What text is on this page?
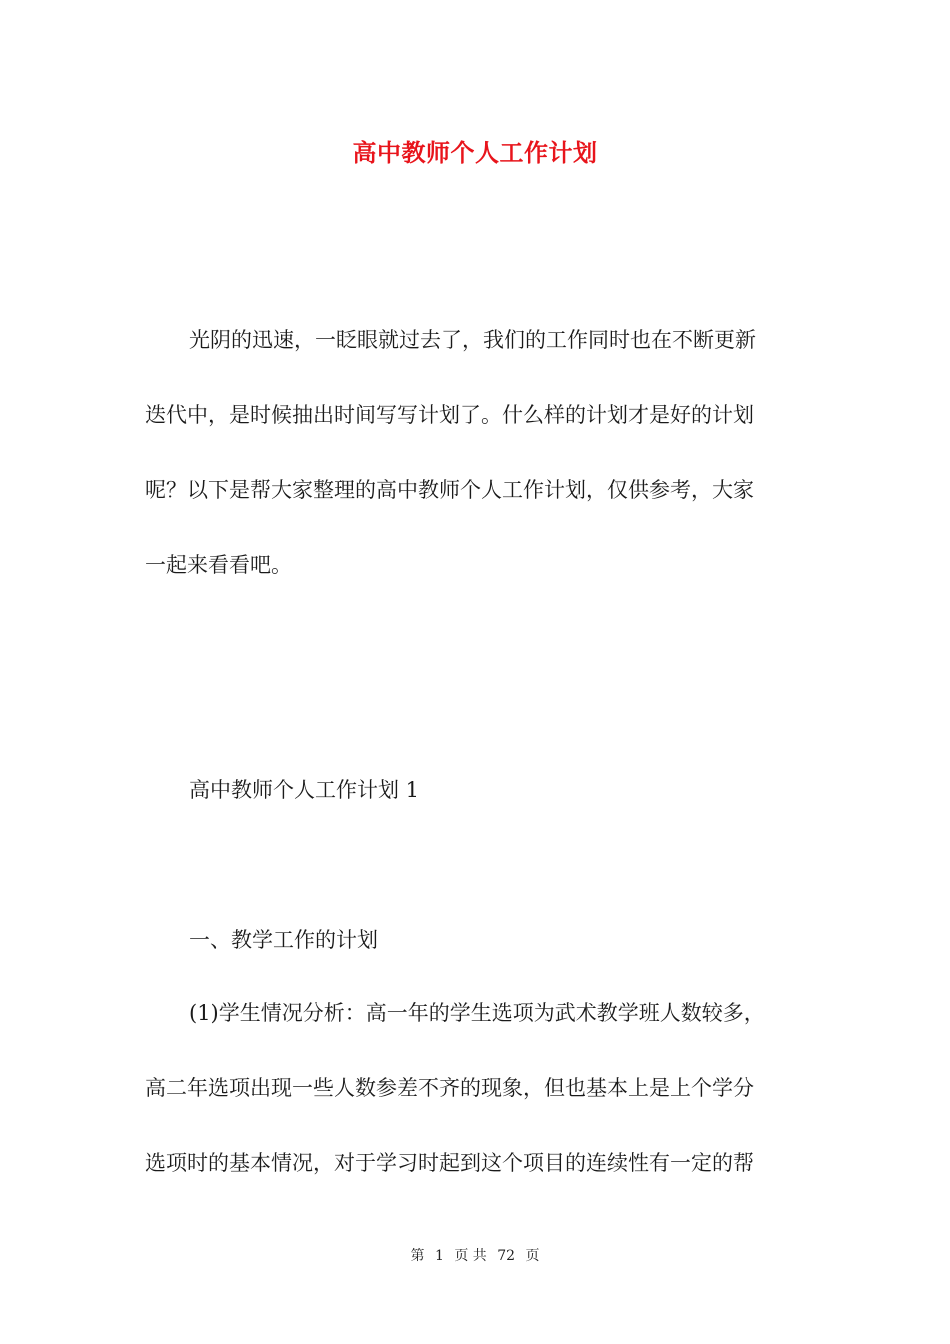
高中教师个人工作计划
光阴的迅速，一眨眼就过去了，我们的工作同时也在不断更新
迭代中，是时候抽出时间写写计划了。什么样的计划才是好的计划
呢？以下是帮大家整理的高中教师个人工作计划，仅供参考，大家
一起来看看吧。
高中教师个人工作计划 1
一、教学工作的计划
(1)学生情况分析：高一年的学生选项为武术教学班人数较多，
高二年选项出现一些人数参差不齐的现象，但也基本上是上个学分
选项时的基本情况，对于学习时起到这个项目的连续性有一定的帮
第 1 页 共 72 页
